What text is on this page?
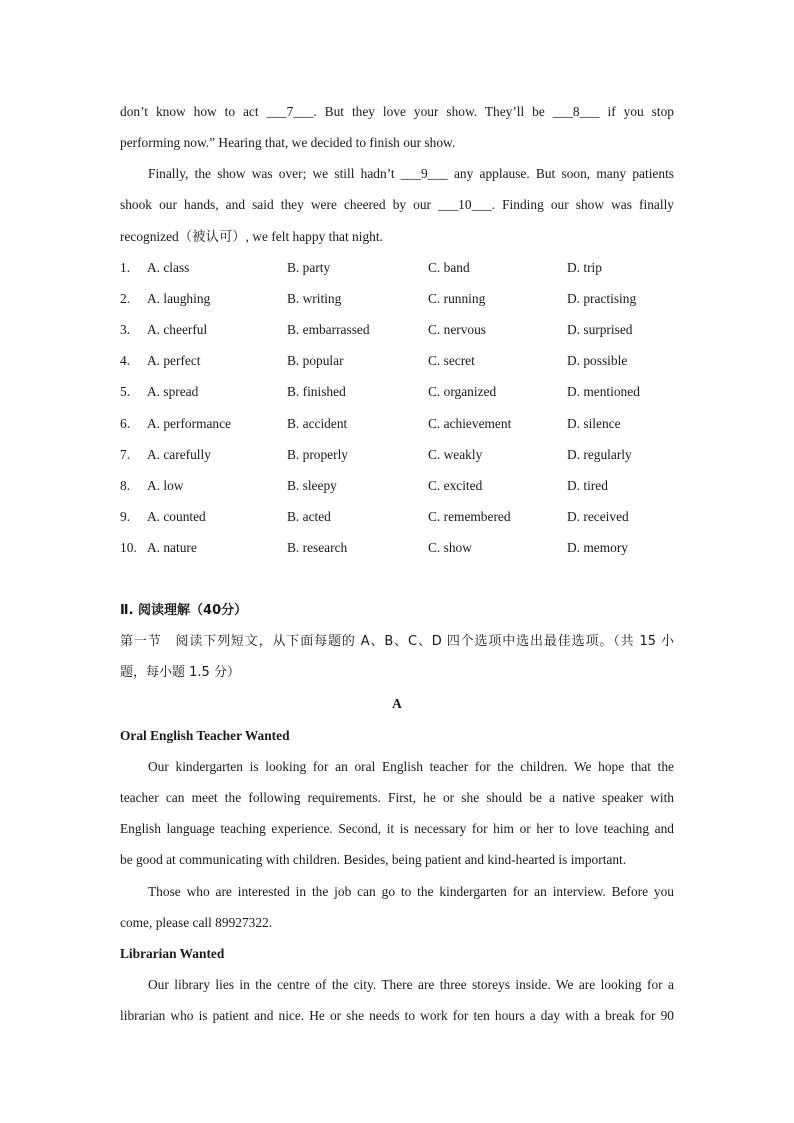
don’t know how to act ___7___. But they love your show. They’ll be ___8___ if you stop
performing now.” Hearing that, we decided to finish our show.
Finally, the show was over; we still hadn’t ___9___ any applause. But soon, many patients
shook our hands, and said they were cheered by our ___10___. Finding our show was finally
recognized（被认可）, we felt happy that night.
1. A. class	B. party	C. band	D. trip
2. A. laughing	B. writing	C. running	D. practising
3. A. cheerful	B. embarrassed	C. nervous	D. surprised
4. A. perfect	B. popular	C. secret	D. possible
5. A. spread	B. finished	C. organized	D. mentioned
6. A. performance	B. accident	C. achievement	D. silence
7. A. carefully	B. properly	C. weakly	D. regularly
8. A. low	B. sleepy	C. excited	D. tired
9. A. counted	B. acted	C. remembered	D. received
10. A. nature	B. research	C. show	D. memory
Ⅱ. 阅读理解（40分）
第一节　阅读下列短文，从下面每题的 A、B、C、D 四个选项中选出最佳选项。（共 15 小
题，每小题 1.5 分）
A
Oral English Teacher Wanted
Our kindergarten is looking for an oral English teacher for the children. We hope that the
teacher can meet the following requirements. First, he or she should be a native speaker with
English language teaching experience. Second, it is necessary for him or her to love teaching and
be good at communicating with children. Besides, being patient and kind-hearted is important.
Those who are interested in the job can go to the kindergarten for an interview. Before you
come, please call 89927322.
Librarian Wanted
Our library lies in the centre of the city. There are three storeys inside. We are looking for a
librarian who is patient and nice. He or she needs to work for ten hours a day with a break for 90
